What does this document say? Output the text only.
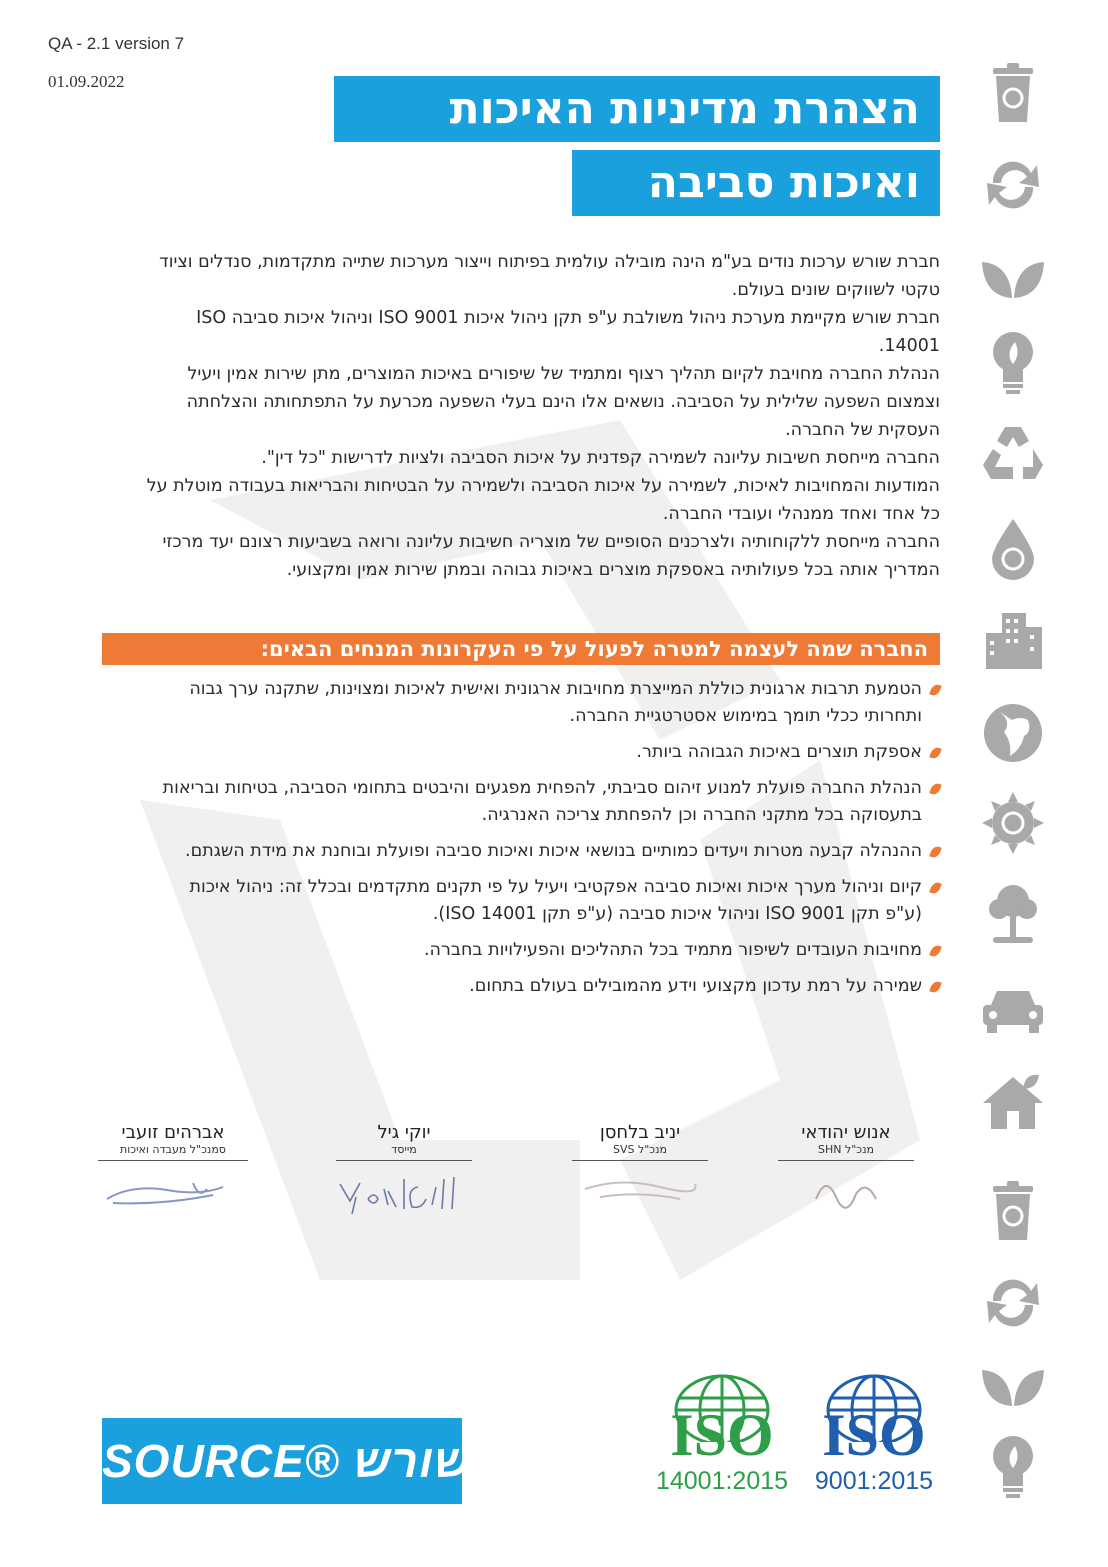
QA - 2.1 version 7
01.09.2022
הצהרת מדיניות האיכות
ואיכות סביבה

חברת שורש ערכות נודים בע"מ הינה מובילה עולמית בפיתוח וייצור מערכות שתייה מתקדמות, סנדלים וציוד טקטי לשווקים שונים בעולם.

חברת שורש מקיימת מערכת ניהול משולבת ע"פ תקן ניהול איכות ISO 9001 וניהול איכות סביבה ISO 14001.

הנהלת החברה מחויבת לקיום תהליך רצוף ומתמיד של שיפורים באיכות המוצרים, מתן שירות אמין ויעיל וצמצום השפעה שלילית על הסביבה. נושאים אלו הינם בעלי השפעה מכרעת על התפתחותה והצלחתה העסקית של החברה.

החברה מייחסת חשיבות עליונה לשמירה קפדנית על איכות הסביבה ולציות לדרישות "כל דין".

המודעות והמחויבות לאיכות, לשמירה על איכות הסביבה ולשמירה על הבטיחות והבריאות בעבודה מוטלת על כל אחד ואחד ממנהלי ועובדי החברה.

החברה מייחסת ללקוחותיה ולצרכנים הסופיים של מוצריה חשיבות עליונה ורואה בשביעות רצונם יעד מרכזי המדריך אותה בכל פעולותיה באספקת מוצרים באיכות גבוהה ובמתן שירות אמין ומקצועי.

החברה שמה לעצמה למטרה לפעול על פי העקרונות המנחים הבאים:
הטמעת תרבות ארגונית כוללת המייצרת מחויבות ארגונית ואישית לאיכות ומצוינות, שתקנה ערך גבוה ותחרותי ככלי תומך במימוש אסטרטגיית החברה.
אספקת תוצרים באיכות הגבוהה ביותר.
הנהלת החברה פועלת למנוע זיהום סביבתי, להפחית מפגעים והיבטים בתחומי הסביבה, בטיחות ובריאות בתעסוקה בכל מתקני החברה וכן להפחתת צריכה האנרגיה.
ההנהלה קבעה מטרות ויעדים כמותיים בנושאי איכות ואיכות סביבה ופועלת ובוחנת את מידת השגתם.
קיום וניהול מערך איכות ואיכות סביבה אפקטיבי ויעיל על פי תקנים מתקדמים ובכלל זה: ניהול איכות (ע"פ תקן ISO 9001 וניהול איכות סביבה (ע"פ תקן ISO 14001).
מחויבות העובדים לשיפור מתמיד בכל התהליכים והפעילויות בחברה.
שמירה על רמת עדכון מקצועי וידע מהמובילים בעולם בתחום.
אנוש יהודאי
מנכ"ל SHN
יניב בלחסן
מנכ"ל SVS
יוקי גיל
מייסד
אברהים זועבי
סמנכ"ל מעבדה ואיכות
SOURCE® שורש	ISO
14001:2015
ISO
9001:2015
